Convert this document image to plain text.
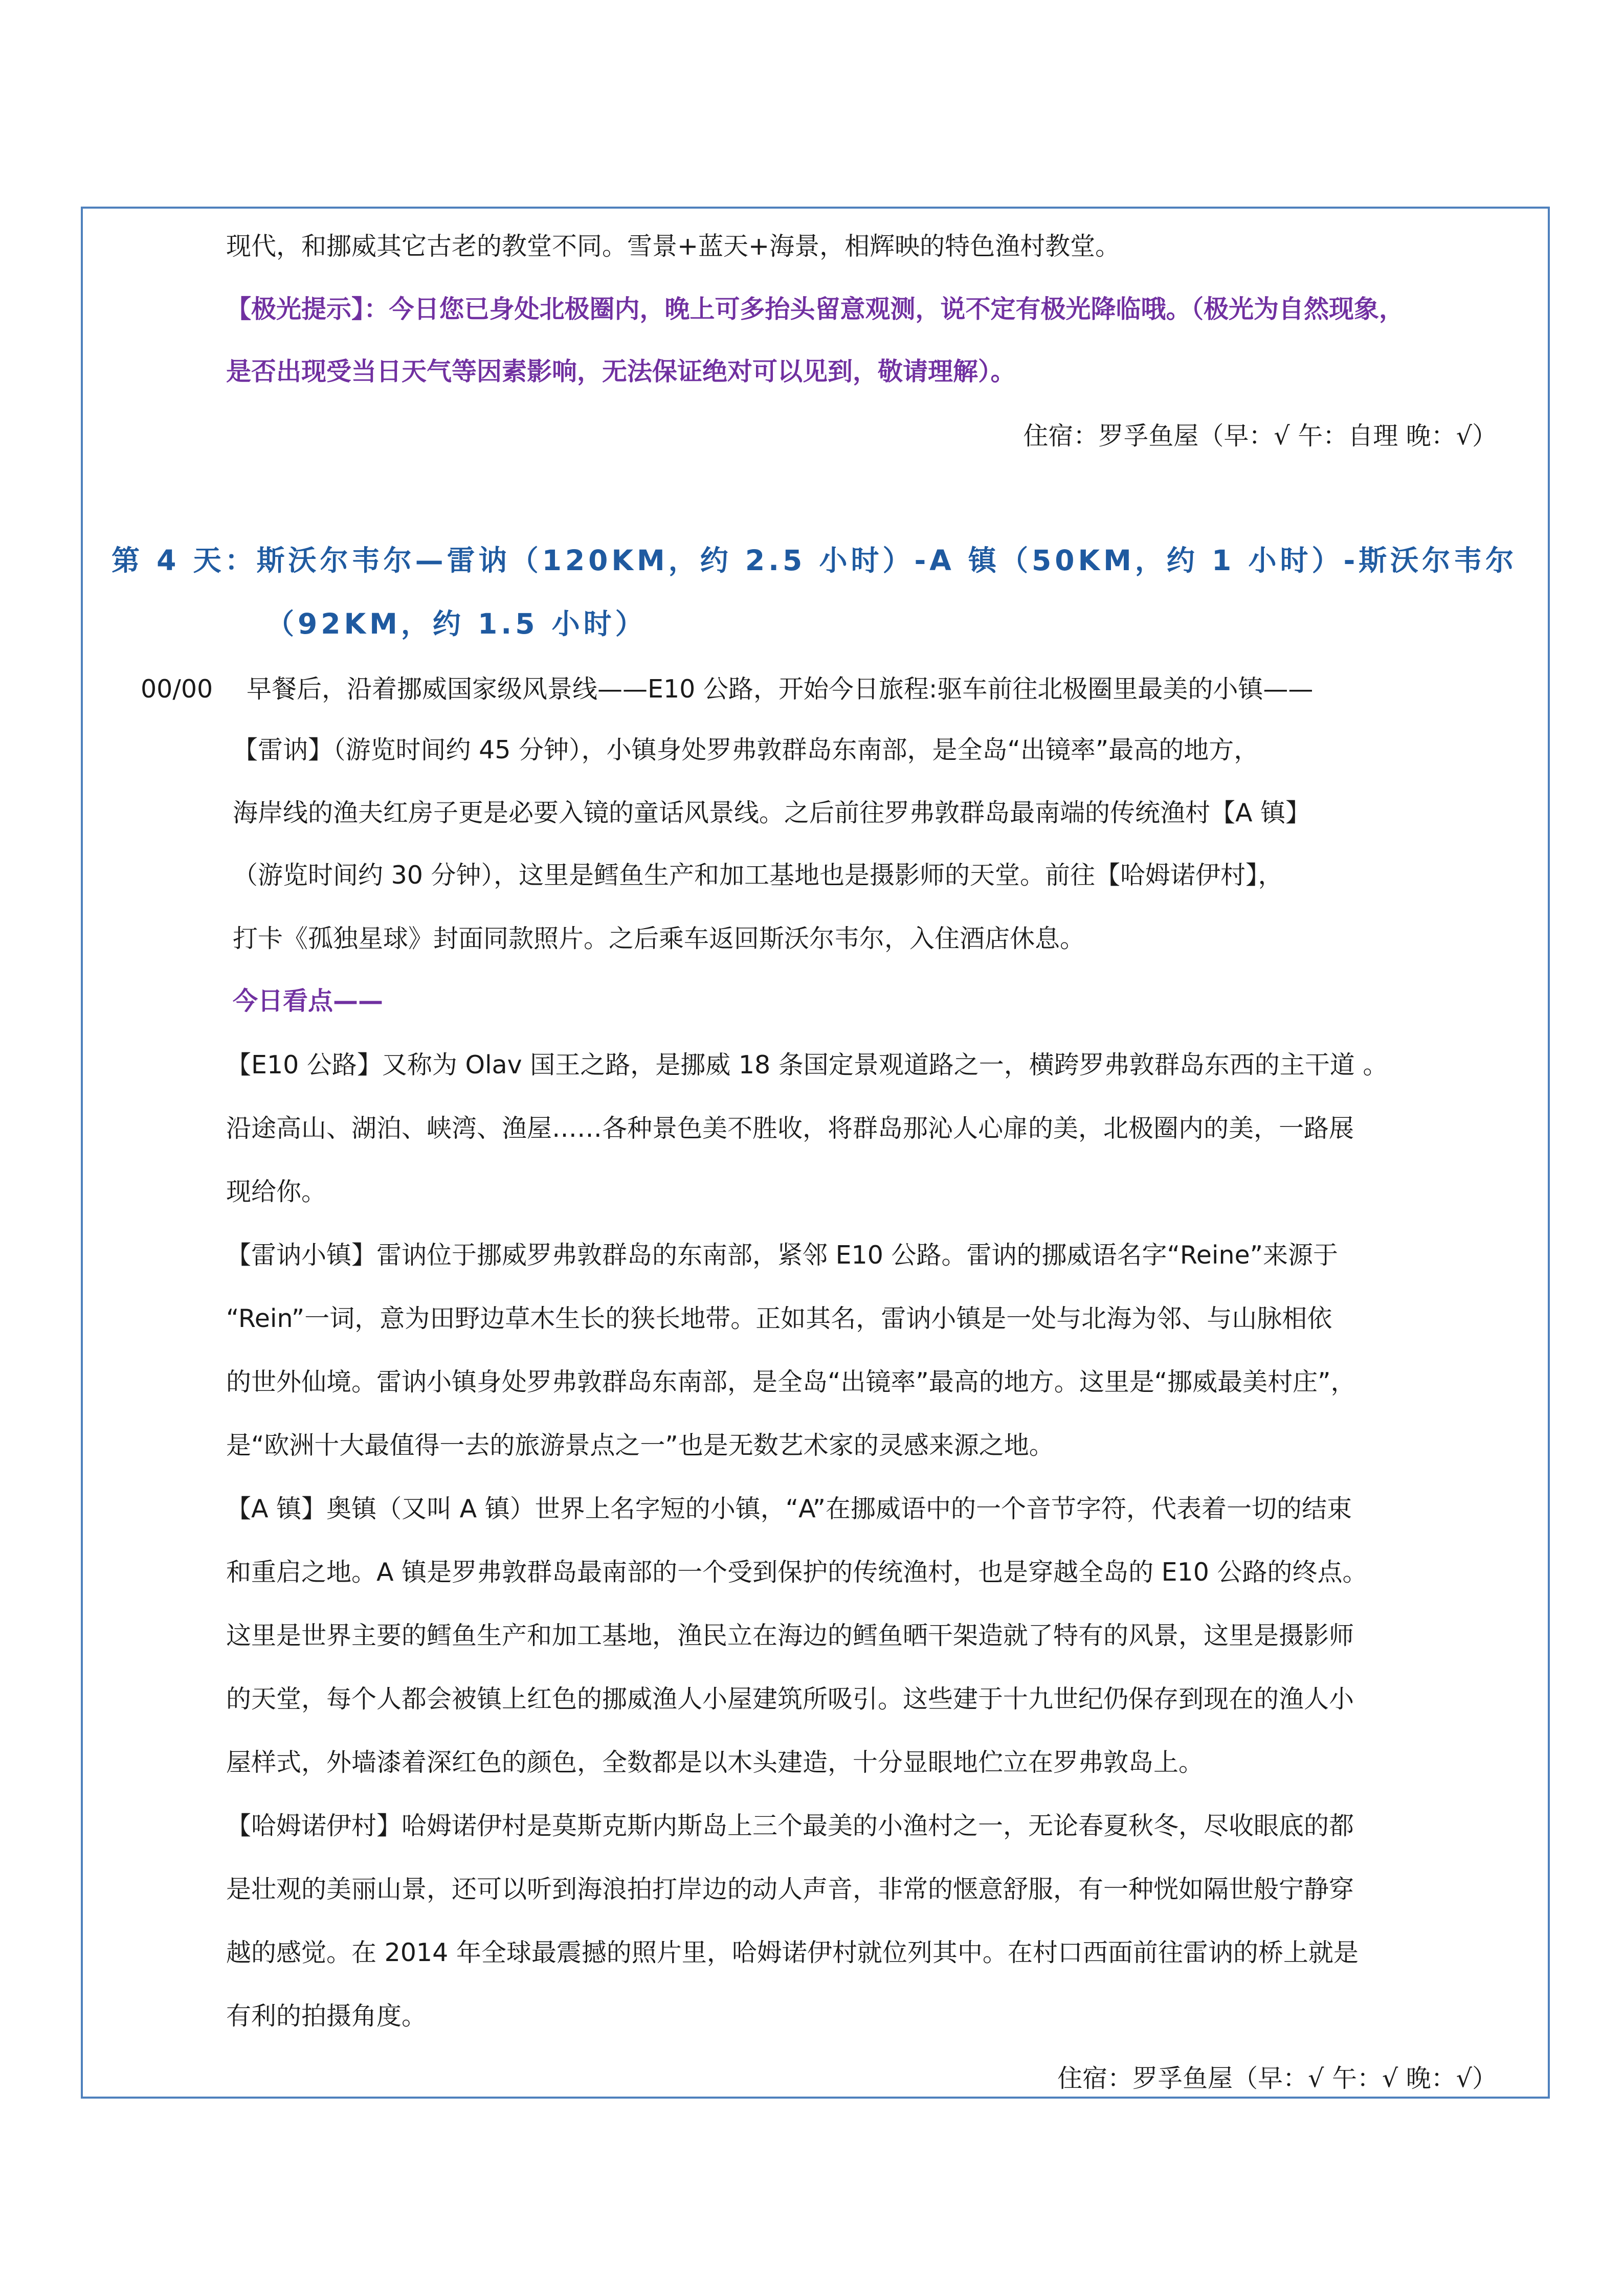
现代，和挪威其它古老的教堂不同。雪景+蓝天+海景，相辉映的特色渔村教堂。
【极光提示】：今日您已身处北极圈内，晚上可多抬头留意观测，说不定有极光降临哦。（极光为自然现象，
是否出现受当日天气等因素影响，无法保证绝对可以见到，敬请理解）。
住宿：罗孚鱼屋（早：√ 午：自理 晚：√）
第 4 天：斯沃尔韦尔—雷讷（120KM，约 2.5 小时）-A 镇（50KM，约 1 小时）-斯沃尔韦尔
（92KM，约 1.5 小时）
00/00 早餐后，沿着挪威国家级风景线——E10 公路，开始今日旅程:驱车前往北极圈里最美的小镇——
【雷讷】（游览时间约 45 分钟），小镇身处罗弗敦群岛东南部，是全岛“出镜率”最高的地方，
海岸线的渔夫红房子更是必要入镜的童话风景线。之后前往罗弗敦群岛最南端的传统渔村【A 镇】
（游览时间约 30 分钟），这里是鳕鱼生产和加工基地也是摄影师的天堂。前往【哈姆诺伊村】，
打卡《孤独星球》封面同款照片。之后乘车返回斯沃尔韦尔，入住酒店休息。
今日看点——
【E10 公路】又称为 Olav 国王之路，是挪威 18 条国定景观道路之一，横跨罗弗敦群岛东西的主干道 。
沿途高山、湖泊、峡湾、渔屋……各种景色美不胜收，将群岛那沁人心扉的美，北极圈内的美，一路展
现给你。
【雷讷小镇】雷讷位于挪威罗弗敦群岛的东南部，紧邻 E10 公路。雷讷的挪威语名字“Reine”来源于
“Rein”一词，意为田野边草木生长的狭长地带。正如其名，雷讷小镇是一处与北海为邻、与山脉相依
的世外仙境。雷讷小镇身处罗弗敦群岛东南部，是全岛“出镜率”最高的地方。这里是“挪威最美村庄”，
是“欧洲十大最值得一去的旅游景点之一”也是无数艺术家的灵感来源之地。
【A 镇】奥镇（又叫 A 镇）世界上名字短的小镇，“A”在挪威语中的一个音节字符，代表着一切的结束
和重启之地。A 镇是罗弗敦群岛最南部的一个受到保护的传统渔村，也是穿越全岛的 E10 公路的终点。
这里是世界主要的鳕鱼生产和加工基地，渔民立在海边的鳕鱼晒干架造就了特有的风景，这里是摄影师
的天堂，每个人都会被镇上红色的挪威渔人小屋建筑所吸引。这些建于十九世纪仍保存到现在的渔人小
屋样式，外墙漆着深红色的颜色，全数都是以木头建造，十分显眼地伫立在罗弗敦岛上。
【哈姆诺伊村】哈姆诺伊村是莫斯克斯内斯岛上三个最美的小渔村之一，无论春夏秋冬，尽收眼底的都
是壮观的美丽山景，还可以听到海浪拍打岸边的动人声音，非常的惬意舒服，有一种恍如隔世般宁静穿
越的感觉。在 2014 年全球最震撼的照片里，哈姆诺伊村就位列其中。在村口西面前往雷讷的桥上就是
有利的拍摄角度。
住宿：罗孚鱼屋（早：√ 午：√ 晚：√）
